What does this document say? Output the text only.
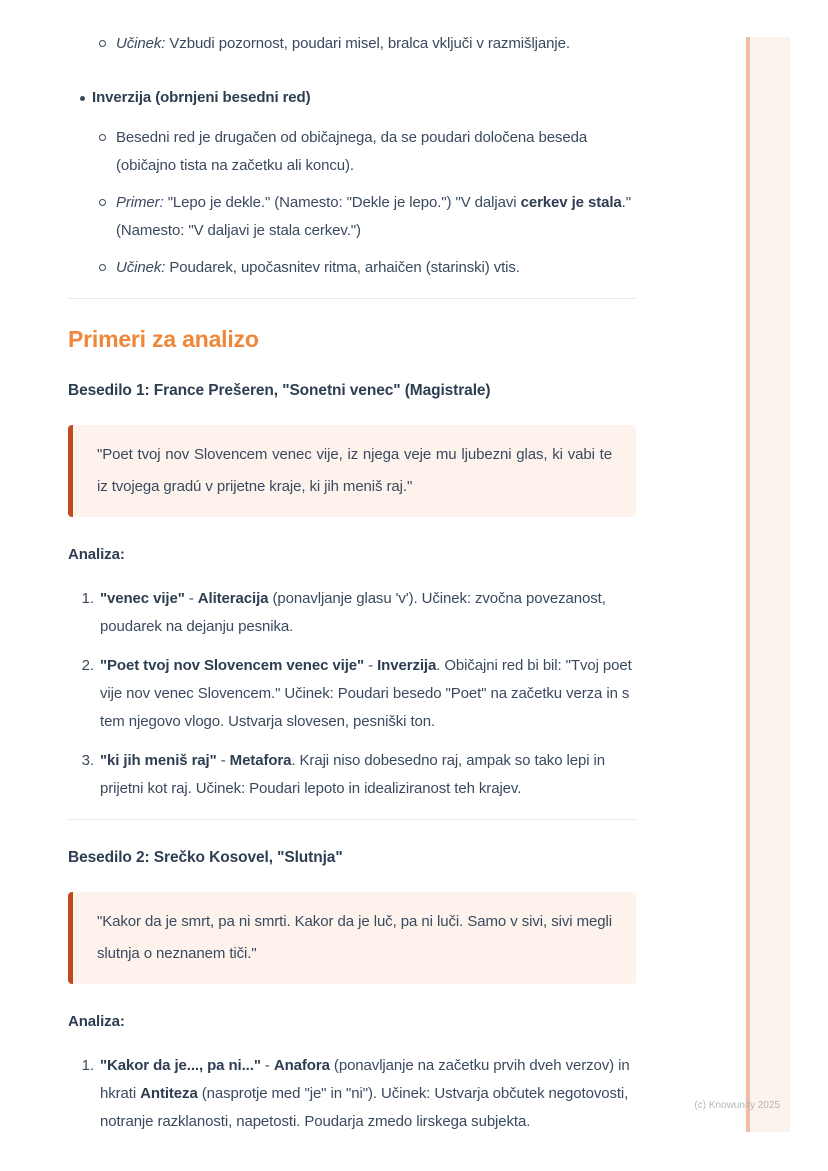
Učinek: Vzbudi pozornost, poudari misel, bralca vključi v razmišljanje.
Inverzija (obrnjeni besedni red)
Besedni red je drugačen od običajnega, da se poudari določena beseda (običajno tista na začetku ali koncu).
Primer: "Lepo je dekle." (Namesto: "Dekle je lepo.") "V daljavi cerkev je stala." (Namesto: "V daljavi je stala cerkev.")
Učinek: Poudarek, upočasnitev ritma, arhaičen (starinski) vtis.
Primeri za analizo
Besedilo 1: France Prešeren, "Sonetni venec" (Magistrale)

"Poet tvoj nov Slovencem venec vije, iz njega veje mu ljubezni glas, ki vabi te iz tvojega gradú v prijetne kraje, ki jih meniš raj."

Analiza:

1. "venec vije" - Aliteracija (ponavljanje glasu 'v'). Učinek: zvočna povezanost, poudarek na dejanju pesnika.
2. "Poet tvoj nov Slovencem venec vije" - Inverzija. Običajni red bi bil: "Tvoj poet vije nov venec Slovencem." Učinek: Poudari besedo "Poet" na začetku verza in s tem njegovo vlogo. Ustvarja slovesen, pesniški ton.
3. "ki jih meniš raj" - Metafora. Kraji niso dobesedno raj, ampak so tako lepi in prijetni kot raj. Učinek: Poudari lepoto in idealiziranost teh krajev.
Besedilo 2: Srečko Kosovel, "Slutnja"

"Kakor da je smrt, pa ni smrti. Kakor da je luč, pa ni luči. Samo v sivi, sivi megli slutnja o neznanem tiči."

Analiza:

1. "Kakor da je..., pa ni..." - Anafora (ponavljanje na začetku prvih dveh verzov) in hkrati Antiteza (nasprotje med "je" in "ni"). Učinek: Ustvarja občutek negotovosti, notranje razklanosti, napetosti. Poudarja zmedo lirskega subjekta.
(c) Knowunity 2025
